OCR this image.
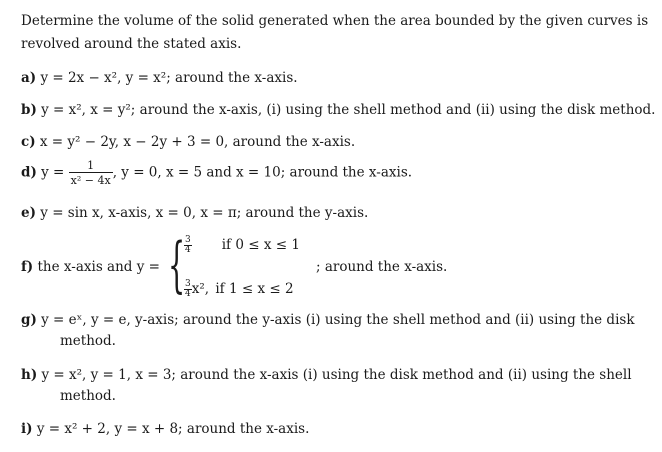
Determine the volume of the solid generated when the area bounded by the given curves is
revolved around the stated axis.
a) y = 2x − x², y = x²; around the x-axis.
b) y = x², x = y²; around the x-axis, (i) using the shell method and (ii) using the disk method.
c) x = y² − 2y, x − 2y + 3 = 0, around the x-axis.
d) $y = \frac{1}{\text{x² − 4x}}$ , y = 0, x = 5 and x = 10; around the x-axis.
e) y = sin x, x-axis, x = 0, x = π; around the y-axis.
f) the x-axis and y = {
$\frac{3}{4}$ if 0 ≤ x ≤ 1
$\frac{3}{4} x^2$, if 1 ≤ x ≤ 2
; around the x-axis.
g) y = eˣ, y = e, y-axis; around the y-axis (i) using the shell method and (ii) using the disk
method.
h) y = x², y = 1, x = 3; around the x-axis (i) using the disk method and (ii) using the shell
method.
i) y = x² + 2, y = x + 8; around the x-axis.
